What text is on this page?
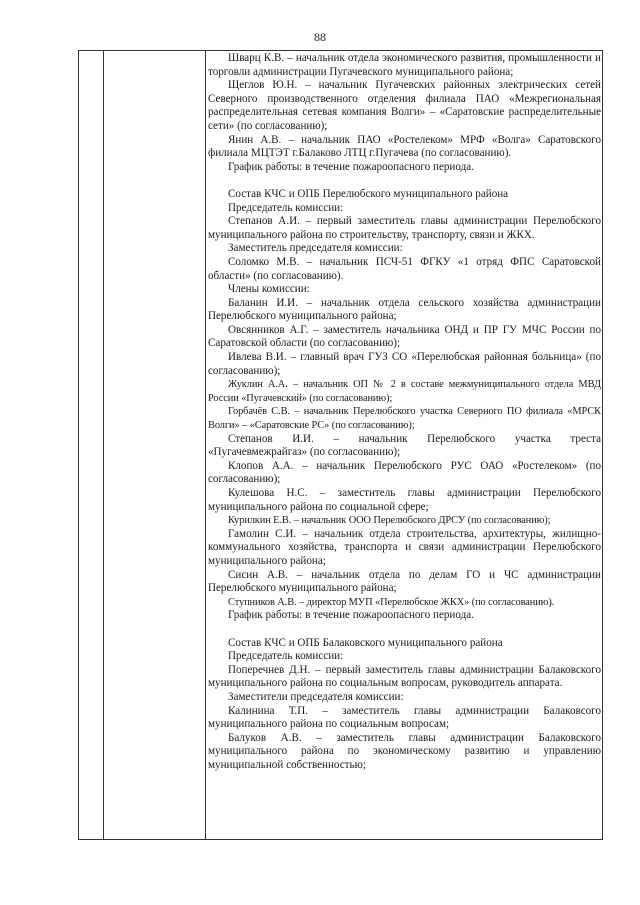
88

Шварц К.В. – начальник отдела экономического развития, промышленности и торговли администрации Пугачевского муниципального района;

Щеглов Ю.Н. – начальник Пугачевских районных электрических сетей Северного производственного отделения филиала ПАО «Межрегиональная распределительная сетевая компания Волги» – «Саратовские распределительные сети» (по согласованию);

Янин А.В. – начальник ПАО «Ростелеком» МРФ «Волга» Саратовского филиала МЦТЭТ г.Балаково ЛТЦ г.Пугачева (по согласованию).

График работы: в течение пожароопасного периода.

Состав КЧС и ОПБ Перелюбского муниципального района

Председатель комиссии:

Степанов А.И. – первый заместитель главы администрации Перелюбского муниципального района по строительству, транспорту, связи и ЖКХ.

Заместитель председателя комиссии:

Соломко М.В. – начальник ПСЧ-51 ФГКУ «1 отряд ФПС Саратовской области» (по согласованию).

Члены комиссии:

Баланин И.И. – начальник отдела сельского хозяйства администрации Перелюбского муниципального района;

Овсянников А.Г. – заместитель начальника ОНД и ПР ГУ МЧС России по Саратовской области (по согласованию);

Ивлева В.И. – главный врач ГУЗ СО «Перелюбская районная больница» (по согласованию);

Жуклин А.А. – начальник ОП № 2 в составе межмуниципального отдела МВД России «Пугачевский» (по согласованию);

Горбачёв С.В. – начальник Перелюбского участка Северного ПО филиала «МРСК Волги» – «Саратовские РС» (по согласованию);

Степанов И.И. – начальник Перелюбского участка треста «Пугачевмежрайгаз» (по согласованию);

Клопов А.А. – начальник Перелюбского РУС ОАО «Ростелеком» (по согласованию);

Кулешова Н.С. – заместитель главы администрации Перелюбского муниципального района по социальной сфере;

Курилкин Е.В. – начальник ООО Перелюбского ДРСУ (по согласованию);

Гамолин С.И. – начальник отдела строительства, архитектуры, жилищно-коммунального хозяйства, транспорта и связи администрации Перелюбского муниципального района;

Сисин А.В. – начальник отдела по делам ГО и ЧС администрации Перелюбского муниципального района;

Ступников А.В. – директор МУП «Перелюбское ЖКХ» (по согласованию).

График работы: в течение пожароопасного периода.

Состав КЧС и ОПБ Балаковского муниципального района

Председатель комиссии:

Поперечнев Д.Н. – первый заместитель главы администрации Балаковского муниципального района по социальным вопросам, руководитель аппарата.

Заместители председателя комиссии:

Калинина Т.П. – заместитель главы администрации Балаковсого муниципального района по социальным вопросам;

Балуков А.В. – заместитель главы администрации Балаковского муниципального района по экономическому развитию и управлению муниципальной собственностью;
